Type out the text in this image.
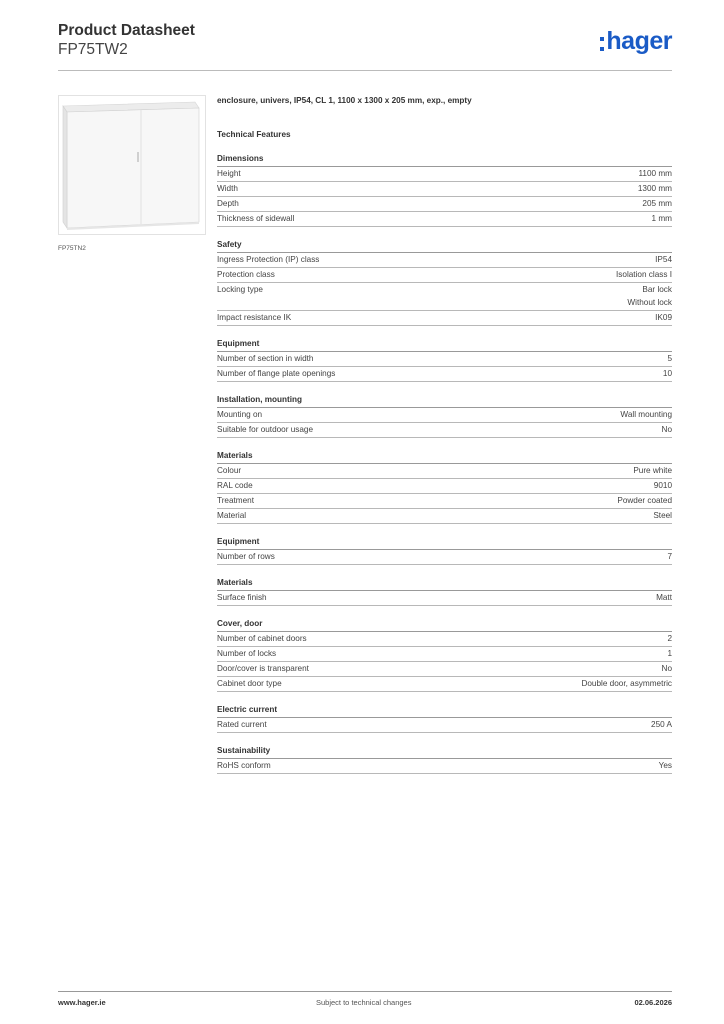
Product Datasheet
FP75TW2	hager
FP75TN2
enclosure, univers, IP54, CL 1, 1100 x 1300 x 205 mm, exp., empty
Technical Features
Dimensions
Height	1100 mm
Width	1300 mm
Depth	205 mm
Thickness of sidewall	1 mm
Safety
Ingress Protection (IP) class	IP54
Protection class	Isolation class I
Locking type	Bar lock
Without lock
Impact resistance IK	IK09
Equipment
Number of section in width	5
Number of flange plate openings	10
Installation, mounting
Mounting on	Wall mounting
Suitable for outdoor usage	No
Materials
Colour	Pure white
RAL code	9010
Treatment	Powder coated
Material	Steel
Equipment
Number of rows	7
Materials
Surface finish	Matt
Cover, door
Number of cabinet doors	2
Number of locks	1
Door/cover is transparent	No
Cabinet door type	Double door, asymmetric
Electric current
Rated current	250 A
Sustainability
RoHS conform	Yes
www.hager.ie	Subject to technical changes	02.06.2026
